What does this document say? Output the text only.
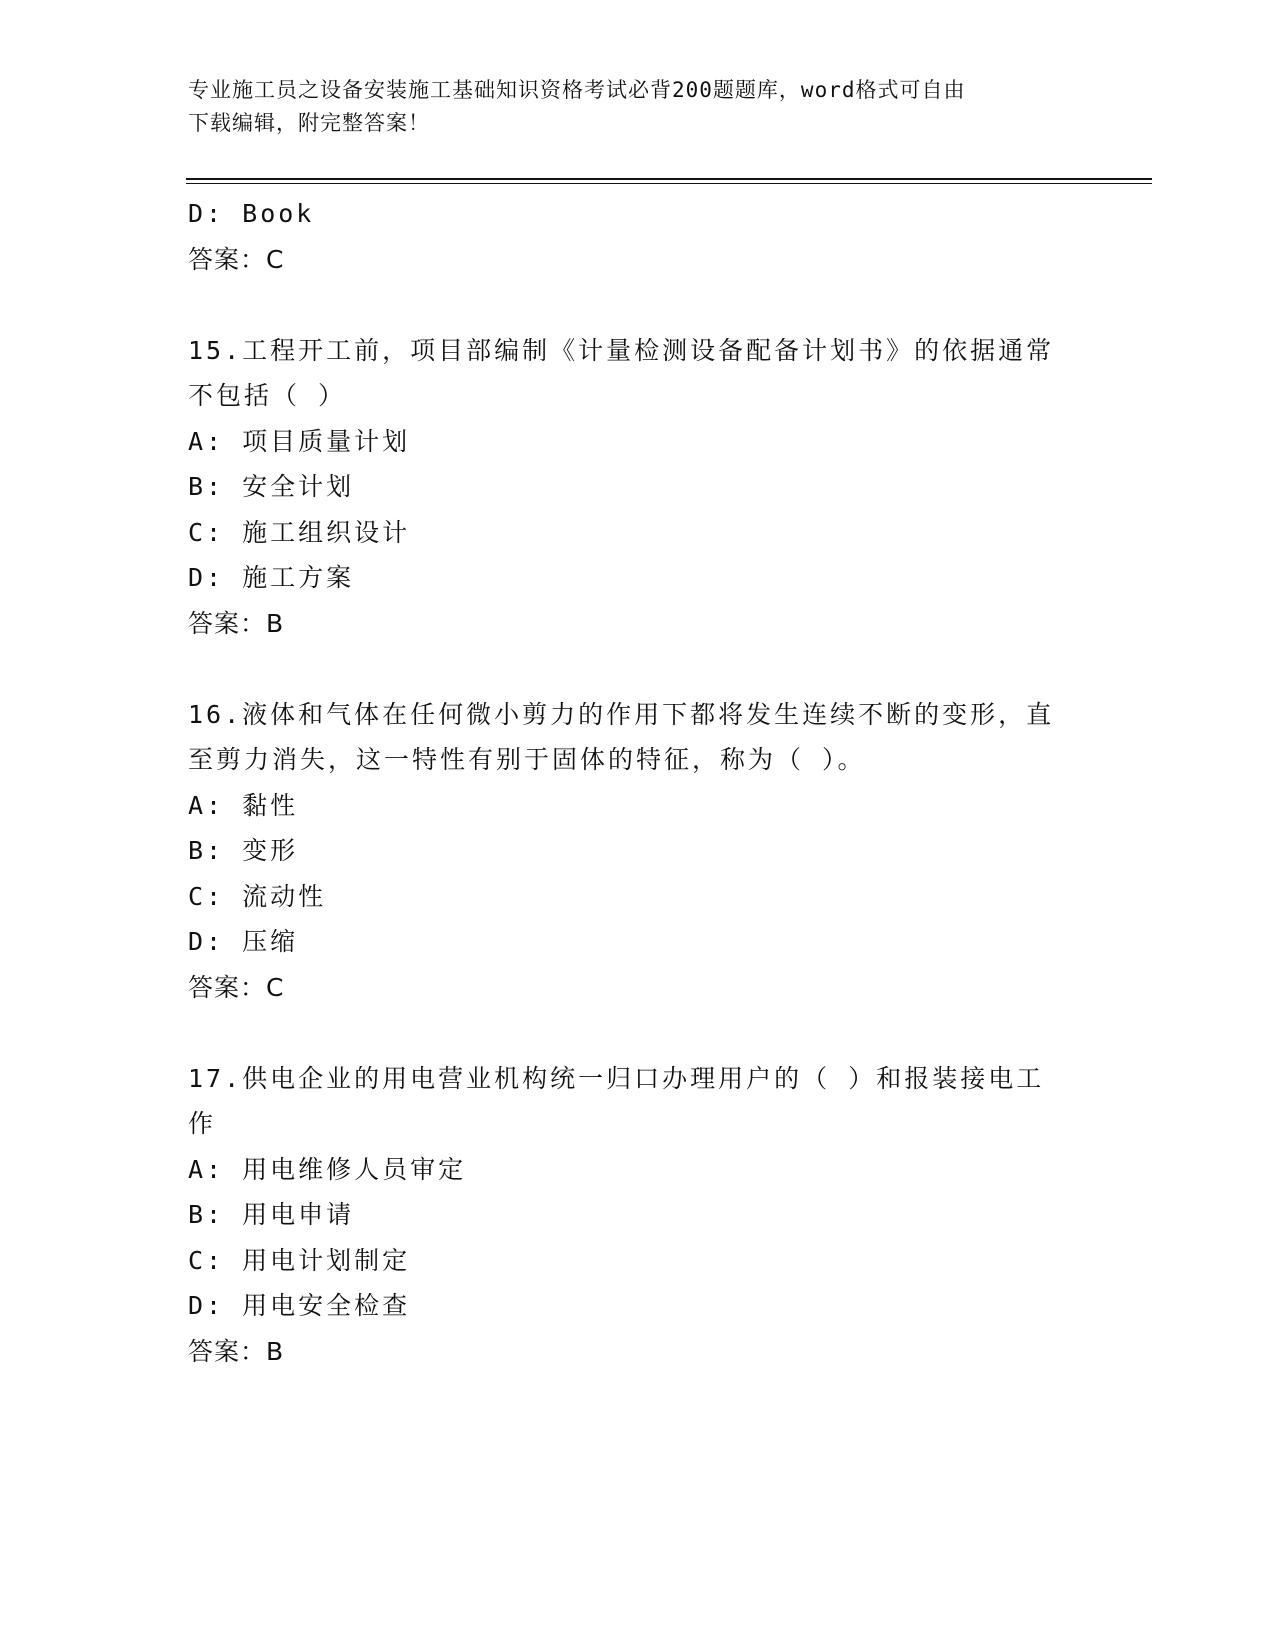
专业施工员之设备安装施工基础知识资格考试必背200题题库，word格式可自由
下载编辑，附完整答案！
D: Book
答案：C
15.工程开工前，项目部编制《计量检测设备配备计划书》的依据通常
不包括（ ）
A: 项目质量计划
B: 安全计划
C: 施工组织设计
D: 施工方案
答案：B
16.液体和气体在任何微小剪力的作用下都将发生连续不断的变形，直
至剪力消失，这一特性有别于固体的特征，称为（ ）。
A: 黏性
B: 变形
C: 流动性
D: 压缩
答案：C
17.供电企业的用电营业机构统一归口办理用户的（ ）和报装接电工
作
A: 用电维修人员审定
B: 用电申请
C: 用电计划制定
D: 用电安全检查
答案：B
